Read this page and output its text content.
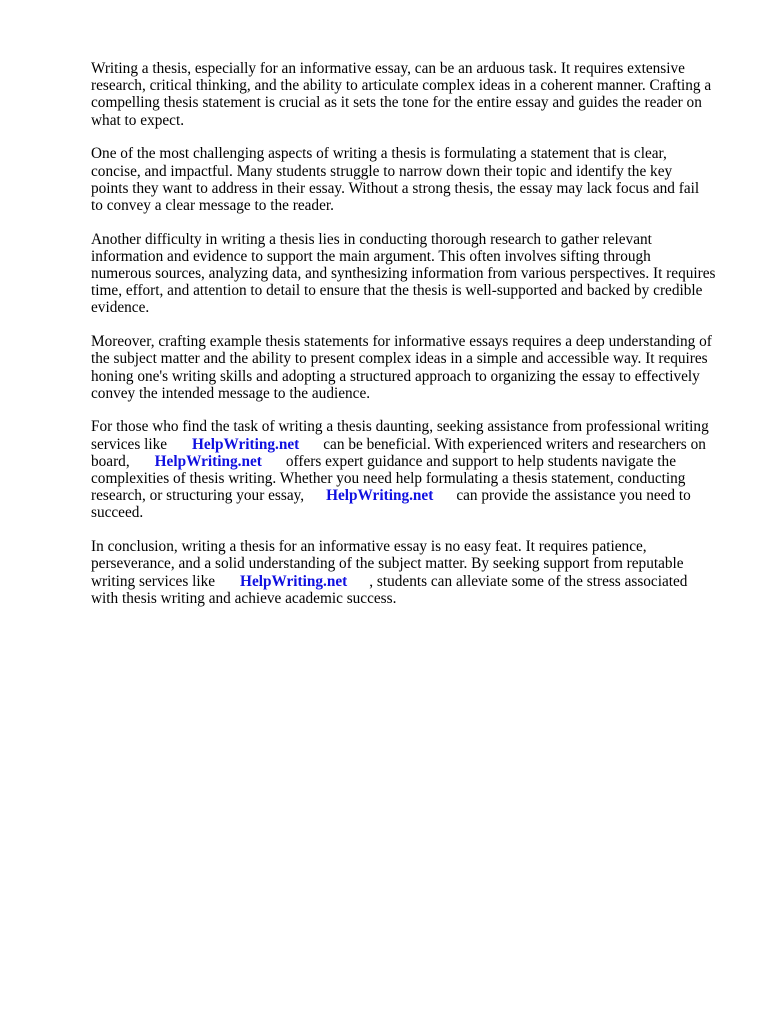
Writing a thesis, especially for an informative essay, can be an arduous task. It requires extensive
research, critical thinking, and the ability to articulate complex ideas in a coherent manner. Crafting a
compelling thesis statement is crucial as it sets the tone for the entire essay and guides the reader on
what to expect.

One of the most challenging aspects of writing a thesis is formulating a statement that is clear,
concise, and impactful. Many students struggle to narrow down their topic and identify the key
points they want to address in their essay. Without a strong thesis, the essay may lack focus and fail
to convey a clear message to the reader.

Another difficulty in writing a thesis lies in conducting thorough research to gather relevant
information and evidence to support the main argument. This often involves sifting through
numerous sources, analyzing data, and synthesizing information from various perspectives. It requires
time, effort, and attention to detail to ensure that the thesis is well-supported and backed by credible
evidence.

Moreover, crafting example thesis statements for informative essays requires a deep understanding of
the subject matter and the ability to present complex ideas in a simple and accessible way. It requires
honing one's writing skills and adopting a structured approach to organizing the essay to effectively
convey the intended message to the audience.

For those who find the task of writing a thesis daunting, seeking assistance from professional writing
services like HelpWriting.net can be beneficial. With experienced writers and researchers on
board, HelpWriting.net offers expert guidance and support to help students navigate the
complexities of thesis writing. Whether you need help formulating a thesis statement, conducting
research, or structuring your essay, HelpWriting.net can provide the assistance you need to
succeed.

In conclusion, writing a thesis for an informative essay is no easy feat. It requires patience,
perseverance, and a solid understanding of the subject matter. By seeking support from reputable
writing services like HelpWriting.net , students can alleviate some of the stress associated
with thesis writing and achieve academic success.
